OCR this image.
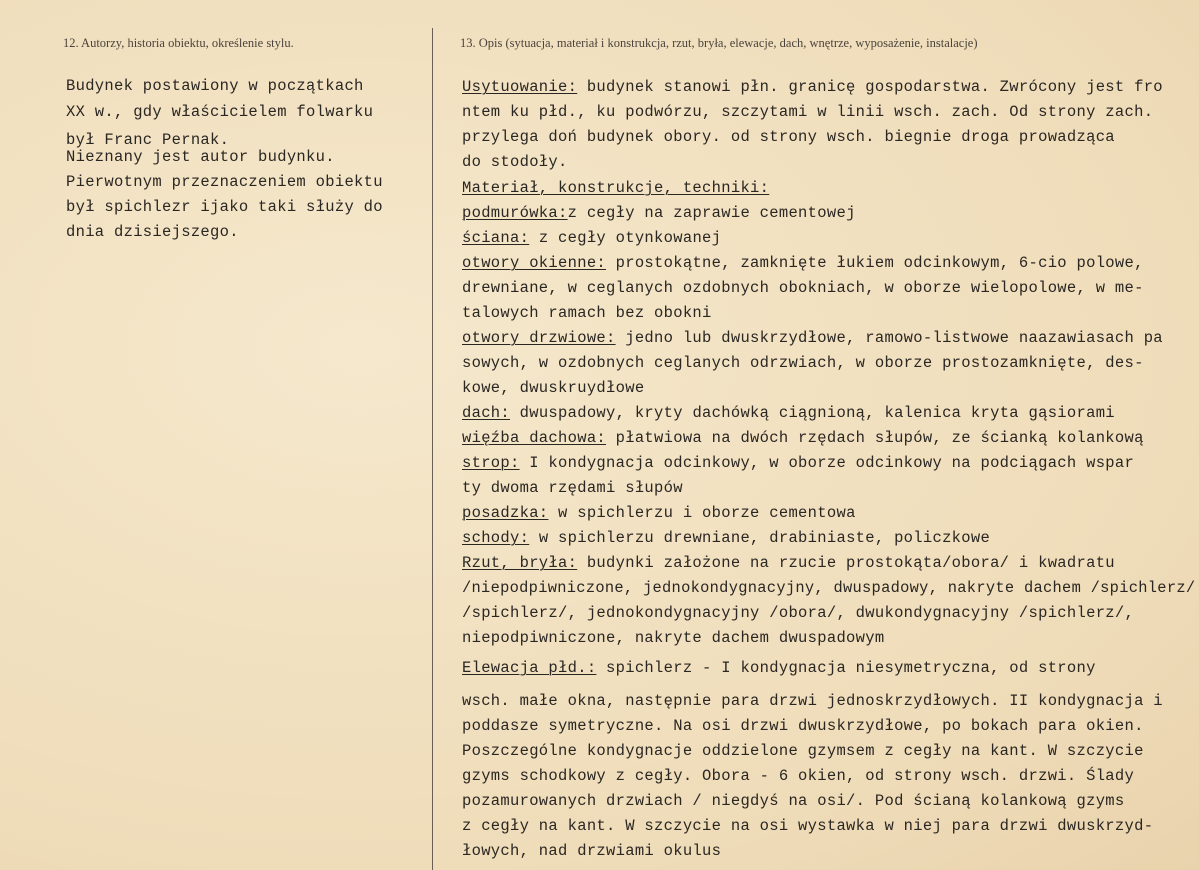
12. Autorzy, historia obiektu, określenie stylu.	13. Opis (sytuacja, materiał i konstrukcja, rzut, bryła, elewacje, dach, wnętrze, wyposażenie, instalacje)
Budynek postawiony w początkach
XX w., gdy właścicielem folwarku
był Franc Pernak.
Nieznany jest autor budynku.
Pierwotnym przeznaczeniem obiektu
był spichlezr ijako taki służy do
dnia dzisiejszego.
Usytuowanie: budynek stanowi płn. granicę gospodarstwa. Zwrócony jest fro
ntem ku płd., ku podwórzu, szczytami w linii wsch. zach. Od strony zach.
przylega doń budynek obory. od strony wsch. biegnie droga prowadząca
do stodoły.
Materiał, konstrukcje, techniki:
podmurówka:z cegły na zaprawie cementowej
ściana: z cegły otynkowanej
otwory okienne: prostokątne, zamknięte łukiem odcinkowym, 6-cio polowe,
drewniane, w ceglanych ozdobnych obokniach, w oborze wielopolowe, w me-
talowych ramach bez obokni
otwory drzwiowe: jedno lub dwuskrzydłowe, ramowo-listwowe naazawiasach pa
sowych, w ozdobnych ceglanych odrzwiach, w oborze prostozamknięte, des-
kowe, dwuskruydłowe
dach: dwuspadowy, kryty dachówką ciągnioną, kalenica kryta gąsiorami
więźba dachowa: płatwiowa na dwóch rzędach słupów, ze ścianką kolankową
strop: I kondygnacja odcinkowy, w oborze odcinkowy na podciągach wspar
ty dwoma rzędami słupów
posadzka: w spichlerzu i oborze cementowa
schody: w spichlerzu drewniane, drabiniaste, policzkowe
Rzut, bryła: budynki założone na rzucie prostokąta/obora/ i kwadratu
/niepodpiwniczone, jednokondygnacyjny, dwuspadowy, nakryte dachem /spichlerz/
/spichlerz/, jednokondygnacyjny /obora/, dwukondygnacyjny /spichlerz/,
niepodpiwniczone, nakryte dachem dwuspadowym
Elewacja płd.: spichlerz - I kondygnacja niesymetryczna, od strony
wsch. małe okna, następnie para drzwi jednoskrzydłowych. II kondygnacja i
poddasze symetryczne. Na osi drzwi dwuskrzydłowe, po bokach para okien.
Poszczególne kondygnacje oddzielone gzymsem z cegły na kant. W szczycie
gzyms schodkowy z cegły. Obora - 6 okien, od strony wsch. drzwi. Ślady
pozamurowanych drzwiach / niegdyś na osi/. Pod ścianą kolankową gzyms
z cegły na kant. W szczycie na osi wystawka w niej para drzwi dwuskrzyd-
łowych, nad drzwiami okulus
